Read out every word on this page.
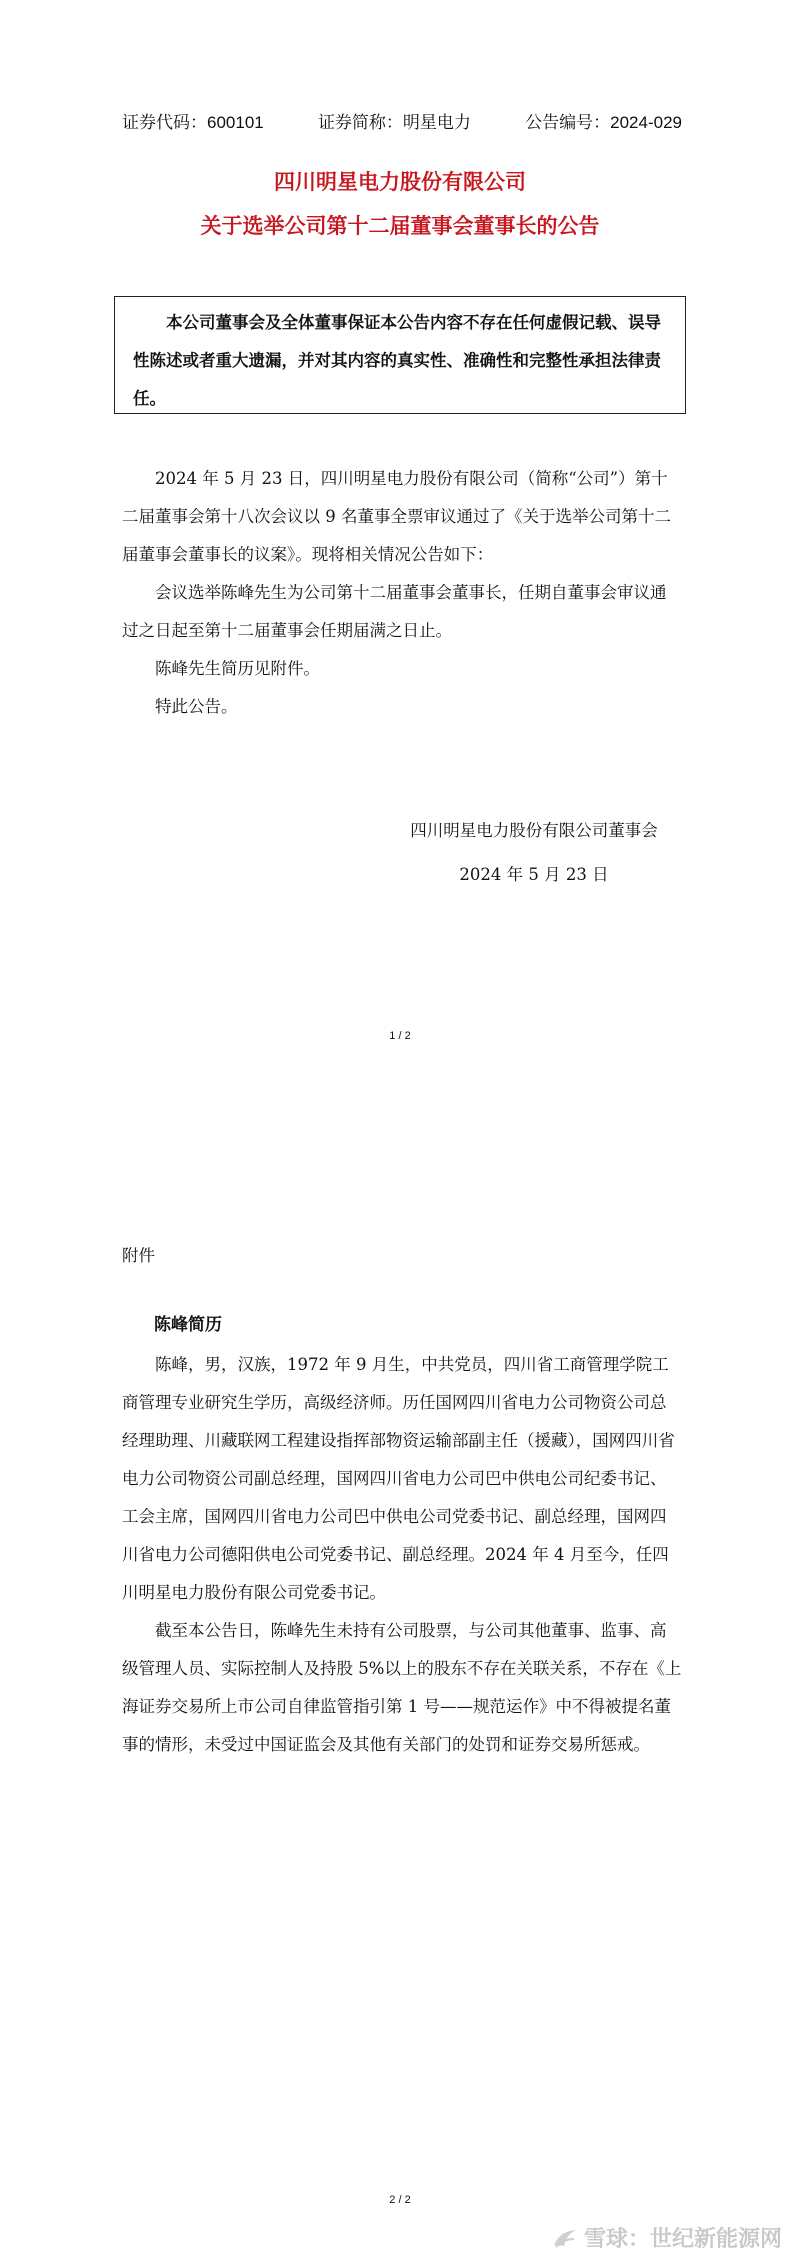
证券代码：600101	证券简称：明星电力	公告编号：2024-029
四川明星电力股份有限公司
关于选举公司第十二届董事会董事长的公告

本公司董事会及全体董事保证本公告内容不存在任何虚假记载、误导性陈述或者重大遗漏，并对其内容的真实性、准确性和完整性承担法律责任。

2024 年 5 月 23 日，四川明星电力股份有限公司（简称“公司”）第十二届董事会第十八次会议以 9 名董事全票审议通过了《关于选举公司第十二届董事会董事长的议案》。现将相关情况公告如下：

会议选举陈峰先生为公司第十二届董事会董事长，任期自董事会审议通过之日起至第十二届董事会任期届满之日止。

陈峰先生简历见附件。

特此公告。

四川明星电力股份有限公司董事会
2024 年 5 月 23 日
1 / 2
附件
陈峰简历

陈峰，男，汉族，1972 年 9 月生，中共党员，四川省工商管理学院工商管理专业研究生学历，高级经济师。历任国网四川省电力公司物资公司总经理助理、川藏联网工程建设指挥部物资运输部副主任（援藏），国网四川省电力公司物资公司副总经理，国网四川省电力公司巴中供电公司纪委书记、工会主席，国网四川省电力公司巴中供电公司党委书记、副总经理，国网四川省电力公司德阳供电公司党委书记、副总经理。2024 年 4 月至今，任四川明星电力股份有限公司党委书记。

截至本公告日，陈峰先生未持有公司股票，与公司其他董事、监事、高级管理人员、实际控制人及持股 5%以上的股东不存在关联关系，不存在《上海证券交易所上市公司自律监管指引第 1 号——规范运作》中不得被提名董事的情形，未受过中国证监会及其他有关部门的处罚和证券交易所惩戒。

2 / 2
雪球：世纪新能源网
